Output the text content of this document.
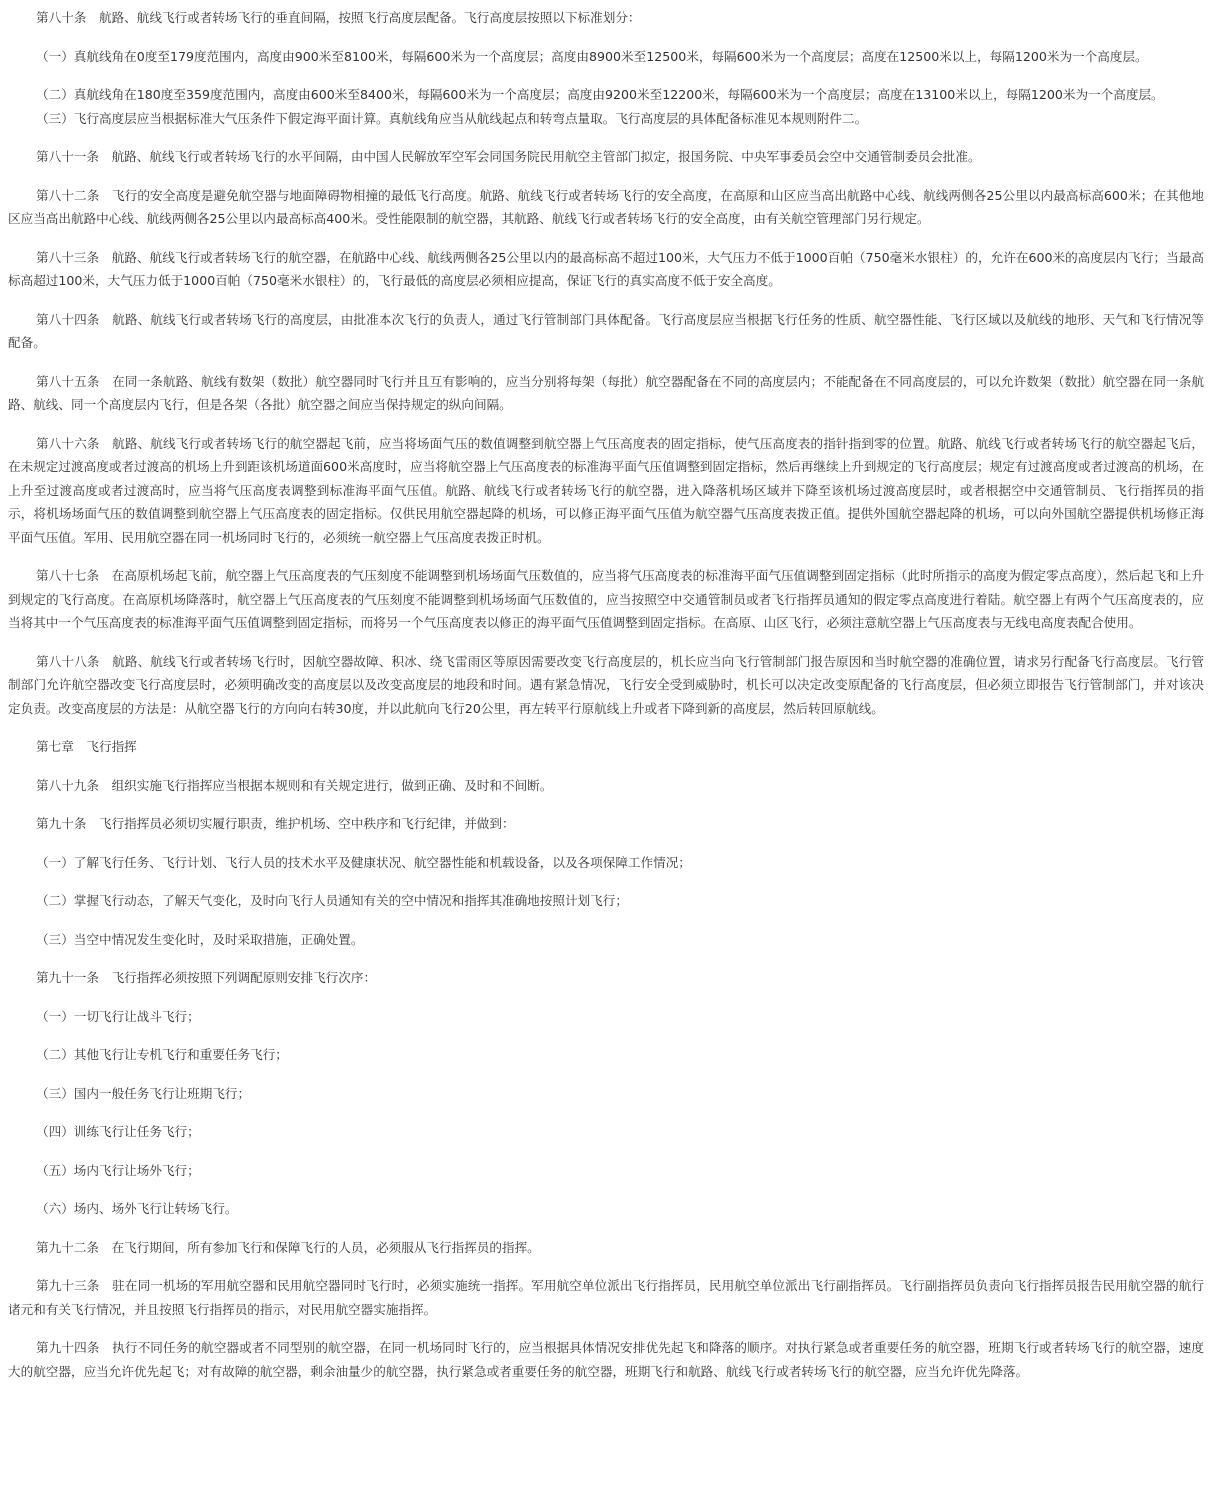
第八十条　航路、航线飞行或者转场飞行的垂直间隔，按照飞行高度层配备。飞行高度层按照以下标准划分：

（一）真航线角在0度至179度范围内，高度由900米至8100米，每隔600米为一个高度层；高度由8900米至12500米，每隔600米为一个高度层；高度在12500米以上，每隔1200米为一个高度层。

（二）真航线角在180度至359度范围内，高度由600米至8400米，每隔600米为一个高度层；高度由9200米至12200米，每隔600米为一个高度层；高度在13100米以上，每隔1200米为一个高度层。

（三）飞行高度层应当根据标准大气压条件下假定海平面计算。真航线角应当从航线起点和转弯点量取。飞行高度层的具体配备标准见本规则附件二。

第八十一条　航路、航线飞行或者转场飞行的水平间隔，由中国人民解放军空军会同国务院民用航空主管部门拟定，报国务院、中央军事委员会空中交通管制委员会批准。

第八十二条　飞行的安全高度是避免航空器与地面障碍物相撞的最低飞行高度。航路、航线飞行或者转场飞行的安全高度，在高原和山区应当高出航路中心线、航线两侧各25公里以内最高标高600米；在其他地区应当高出航路中心线、航线两侧各25公里以内最高标高400米。受性能限制的航空器，其航路、航线飞行或者转场飞行的安全高度，由有关航空管理部门另行规定。

第八十三条　航路、航线飞行或者转场飞行的航空器，在航路中心线、航线两侧各25公里以内的最高标高不超过100米，大气压力不低于1000百帕（750毫米水银柱）的，允许在600米的高度层内飞行；当最高标高超过100米，大气压力低于1000百帕（750毫米水银柱）的，飞行最低的高度层必须相应提高，保证飞行的真实高度不低于安全高度。

第八十四条　航路、航线飞行或者转场飞行的高度层，由批准本次飞行的负责人，通过飞行管制部门具体配备。飞行高度层应当根据飞行任务的性质、航空器性能、飞行区域以及航线的地形、天气和飞行情况等配备。

第八十五条　在同一条航路、航线有数架（数批）航空器同时飞行并且互有影响的，应当分别将每架（每批）航空器配备在不同的高度层内；不能配备在不同高度层的，可以允许数架（数批）航空器在同一条航路、航线、同一个高度层内飞行，但是各架（各批）航空器之间应当保持规定的纵向间隔。

第八十六条　航路、航线飞行或者转场飞行的航空器起飞前，应当将场面气压的数值调整到航空器上气压高度表的固定指标，使气压高度表的指针指到零的位置。航路、航线飞行或者转场飞行的航空器起飞后，在未规定过渡高度或者过渡高的机场上升到距该机场道面600米高度时，应当将航空器上气压高度表的标准海平面气压值调整到固定指标，然后再继续上升到规定的飞行高度层；规定有过渡高度或者过渡高的机场，在上升至过渡高度或者过渡高时，应当将气压高度表调整到标准海平面气压值。航路、航线飞行或者转场飞行的航空器，进入降落机场区域并下降至该机场过渡高度层时，或者根据空中交通管制员、飞行指挥员的指示，将机场场面气压的数值调整到航空器上气压高度表的固定指标。仅供民用航空器起降的机场，可以修正海平面气压值为航空器气压高度表拨正值。提供外国航空器起降的机场，可以向外国航空器提供机场修正海平面气压值。军用、民用航空器在同一机场同时飞行的，必须统一航空器上气压高度表拨正时机。

第八十七条　在高原机场起飞前，航空器上气压高度表的气压刻度不能调整到机场场面气压数值的，应当将气压高度表的标准海平面气压值调整到固定指标（此时所指示的高度为假定零点高度），然后起飞和上升到规定的飞行高度。在高原机场降落时，航空器上气压高度表的气压刻度不能调整到机场场面气压数值的，应当按照空中交通管制员或者飞行指挥员通知的假定零点高度进行着陆。航空器上有两个气压高度表的，应当将其中一个气压高度表的标准海平面气压值调整到固定指标，而将另一个气压高度表以修正的海平面气压值调整到固定指标。在高原、山区飞行，必须注意航空器上气压高度表与无线电高度表配合使用。

第八十八条　航路、航线飞行或者转场飞行时，因航空器故障、积冰、绕飞雷雨区等原因需要改变飞行高度层的，机长应当向飞行管制部门报告原因和当时航空器的准确位置，请求另行配备飞行高度层。飞行管制部门允许航空器改变飞行高度层时，必须明确改变的高度层以及改变高度层的地段和时间。遇有紧急情况，飞行安全受到威胁时，机长可以决定改变原配备的飞行高度层，但必须立即报告飞行管制部门，并对该决定负责。改变高度层的方法是：从航空器飞行的方向向右转30度，并以此航向飞行20公里，再左转平行原航线上升或者下降到新的高度层，然后转回原航线。

第七章　飞行指挥

第八十九条　组织实施飞行指挥应当根据本规则和有关规定进行，做到正确、及时和不间断。

第九十条　飞行指挥员必须切实履行职责，维护机场、空中秩序和飞行纪律，并做到：

（一）了解飞行任务、飞行计划、飞行人员的技术水平及健康状况、航空器性能和机载设备，以及各项保障工作情况；

（二）掌握飞行动态，了解天气变化，及时向飞行人员通知有关的空中情况和指挥其准确地按照计划飞行；

（三）当空中情况发生变化时，及时采取措施，正确处置。

第九十一条　飞行指挥必须按照下列调配原则安排飞行次序：

（一）一切飞行让战斗飞行；

（二）其他飞行让专机飞行和重要任务飞行；

（三）国内一般任务飞行让班期飞行；

（四）训练飞行让任务飞行；

（五）场内飞行让场外飞行；

（六）场内、场外飞行让转场飞行。

第九十二条　在飞行期间，所有参加飞行和保障飞行的人员，必须服从飞行指挥员的指挥。

第九十三条　驻在同一机场的军用航空器和民用航空器同时飞行时，必须实施统一指挥。军用航空单位派出飞行指挥员，民用航空单位派出飞行副指挥员。飞行副指挥员负责向飞行指挥员报告民用航空器的航行诸元和有关飞行情况，并且按照飞行指挥员的指示，对民用航空器实施指挥。

第九十四条　执行不同任务的航空器或者不同型别的航空器，在同一机场同时飞行的，应当根据具体情况安排优先起飞和降落的顺序。对执行紧急或者重要任务的航空器，班期飞行或者转场飞行的航空器，速度大的航空器，应当允许优先起飞；对有故障的航空器，剩余油量少的航空器，执行紧急或者重要任务的航空器，班期飞行和航路、航线飞行或者转场飞行的航空器，应当允许优先降落。
